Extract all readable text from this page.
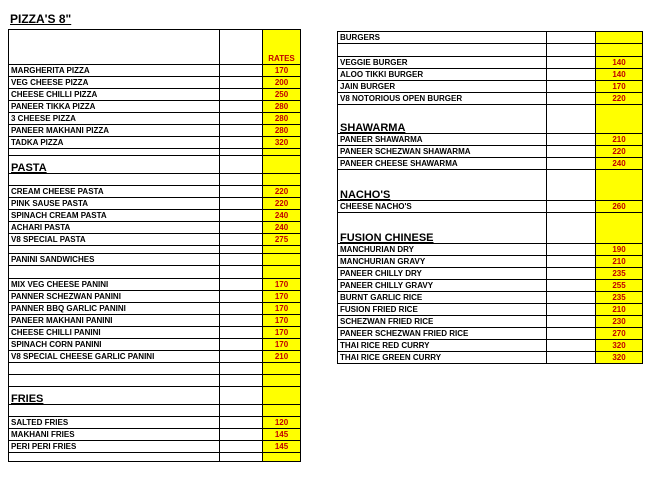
PIZZA'S 8"
		RATES
MARGHERITA PIZZA		170
VEG CHEESE PIZZA		200
CHEESE CHILLI PIZZA		250
PANEER TIKKA PIZZA		280
3 CHEESE PIZZA		280
PANEER MAKHANI PIZZA		280
TADKA PIZZA		320

PASTA		

CREAM CHEESE PASTA		220
PINK SAUSE PASTA		220
SPINACH CREAM PASTA		240
ACHARI PASTA		240
V8 SPECIAL PASTA		275

PANINI SANDWICHES		

MIX VEG CHEESE PANINI		170
PANNER SCHEZWAN PANINI		170
PANNER BBQ GARLIC PANINI		170
PANEER MAKHANI PANINI		170
CHEESE CHILLI PANINI		170
SPINACH CORN PANINI		170
V8 SPECIAL CHEESE GARLIC PANINI		210

FRIES		

SALTED FRIES		120
MAKHANI FRIES		145
PERI PERI FRIES		145

BURGERS		

VEGGIE BURGER		140
ALOO TIKKI BURGER		140
JAIN BURGER		170
V8 NOTORIOUS OPEN BURGER		220
SHAWARMA		
PANEER SHAWARMA		210
PANEER SCHEZWAN SHAWARMA		220
PANEER CHEESE SHAWARMA		240
NACHO'S		
CHEESE NACHO'S		260
FUSION CHINESE		
MANCHURIAN DRY		190
MANCHURIAN GRAVY		210
PANEER CHILLY DRY		235
PANEER CHILLY GRAVY		255
BURNT GARLIC RICE		235
FUSION FRIED RICE		210
SCHEZWAN FRIED RICE		230
PANEER SCHEZWAN FRIED RICE		270
THAI RICE RED CURRY		320
THAI RICE GREEN CURRY		320
